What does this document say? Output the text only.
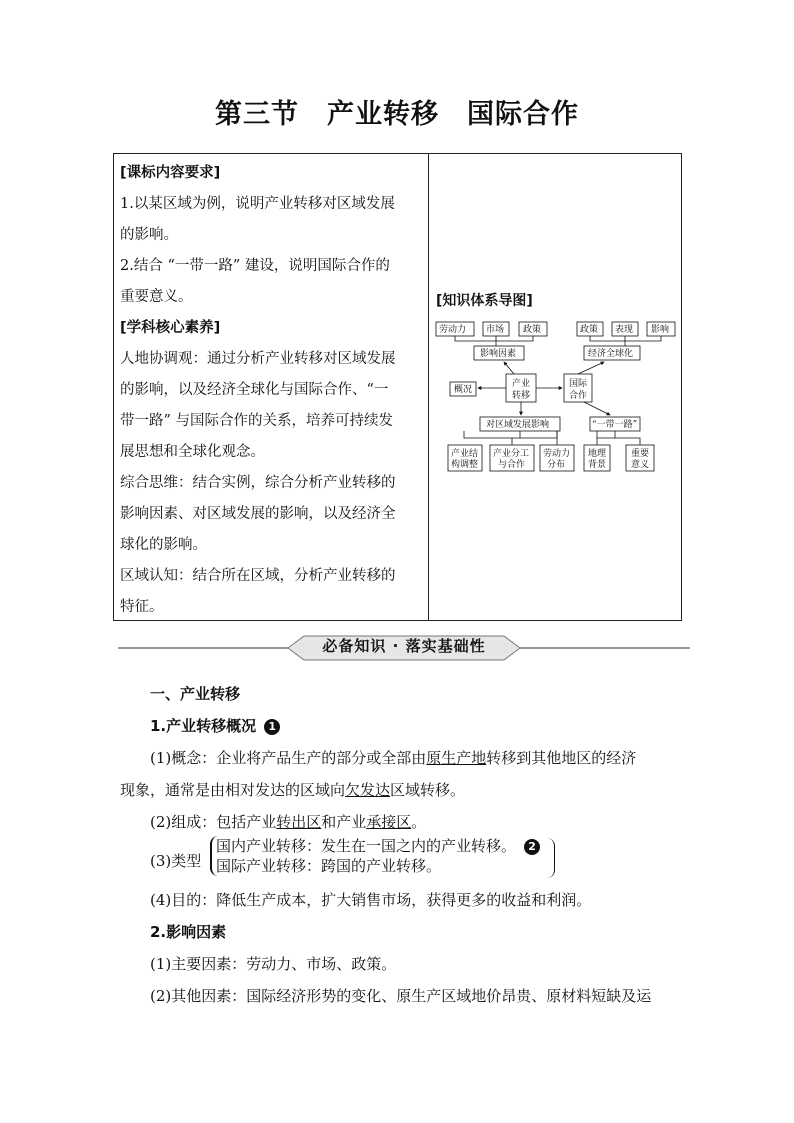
第三节 产业转移 国际合作

[课标内容要求]

1.以某区域为例，说明产业转移对区域发展

的影响。

2.结合 “一带一路” 建设，说明国际合作的

重要意义。

[学科核心素养]

人地协调观：通过分析产业转移对区域发展

的影响，以及经济全球化与国际合作、“一

带一路” 与国际合作的关系，培养可持续发

展思想和全球化观念。

综合思维：结合实例，综合分析产业转移的

影响因素、对区域发展的影响，以及经济全

球化的影响。

区域认知：结合所在区域，分析产业转移的

特征。

[知识体系导图]
劳动力 市场 政策	政策 表现 影响
影响因素	经济全球化
概况
产业
转移
国际
合作
对区域发展影响	“一带一路”
产业结
构调整
产业分工
与合作
劳动力
分布
地理
背景
重要
意义
必备知识 · 落实基础性

一、产业转移

1.产业转移概况 1

(1)概念：企业将产品生产的部分或全部由原生产地转移到其他地区的经济

现象，通常是由相对发达的区域向欠发达区域转移。

(2)组成：包括产业转出区和产业承接区。

(3)类型
国内产业转移：发生在一国之内的产业转移。 2
国际产业转移：跨国的产业转移。

(4)目的：降低生产成本，扩大销售市场，获得更多的收益和利润。

2.影响因素

(1)主要因素：劳动力、市场、政策。

(2)其他因素：国际经济形势的变化、原生产区域地价昂贵、原材料短缺及运
